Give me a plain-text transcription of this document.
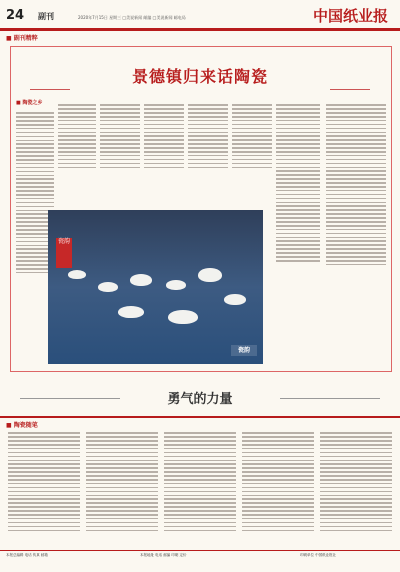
24 副刊	2020年7月15日 星期三 □美说新闻 邮编 □美说新闻 邮电局	中国纸业报
■ 副刊精粹
景德镇归来话陶瓷
■ 陶瓷之乡
瓷韵
瓷韵
勇气的力量
■ 陶瓷随笔
本报总编辑 电话 传真 邮箱	本报地址 电话 邮编 印刷 定价	印刷单位 中国纸业报社
